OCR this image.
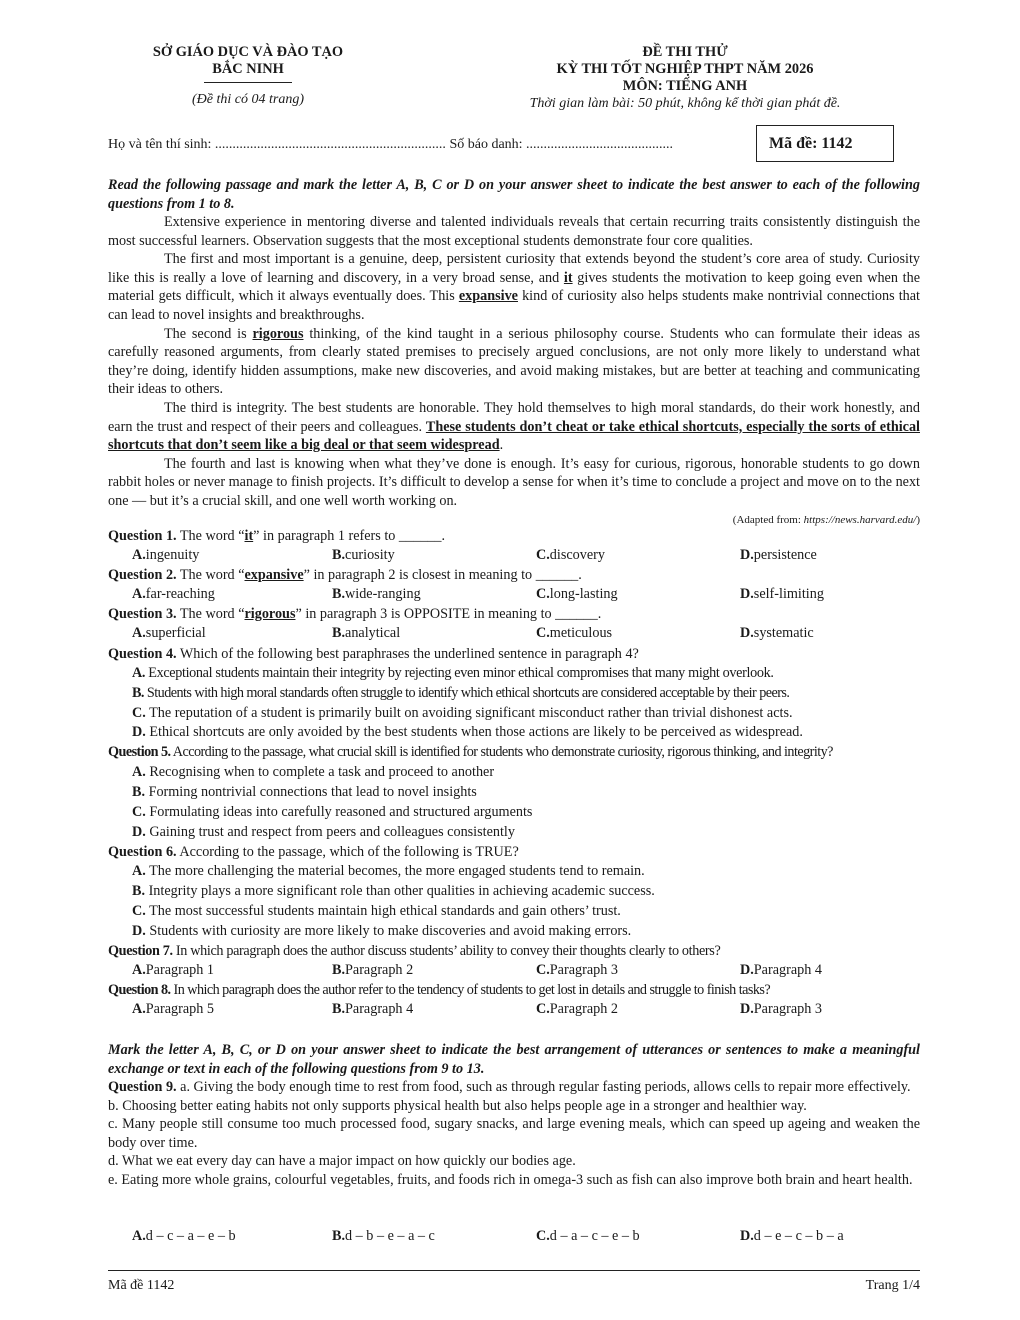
SỞ GIÁO DỤC VÀ ĐÀO TẠO
BẮC NINH
(Đề thi có 04 trang)
ĐỀ THI THỬ
KỲ THI TỐT NGHIỆP THPT NĂM 2026
MÔN: TIẾNG ANH
Thời gian làm bài: 50 phút, không kể thời gian phát đề.
Họ và tên thí sinh: .................................................................. Số báo danh: ..........................................	Mã đề: 1142
Read the following passage and mark the letter A, B, C or D on your answer sheet to indicate the best answer to each of the following questions from 1 to 8.

Extensive experience in mentoring diverse and talented individuals reveals that certain recurring traits consistently distinguish the most successful learners. Observation suggests that the most exceptional students demonstrate four core qualities.

The first and most important is a genuine, deep, persistent curiosity that extends beyond the student’s core area of study. Curiosity like this is really a love of learning and discovery, in a very broad sense, and it gives students the motivation to keep going even when the material gets difficult, which it always eventually does. This expansive kind of curiosity also helps students make nontrivial connections that can lead to novel insights and breakthroughs.

The second is rigorous thinking, of the kind taught in a serious philosophy course. Students who can formulate their ideas as carefully reasoned arguments, from clearly stated premises to precisely argued conclusions, are not only more likely to understand what they’re doing, identify hidden assumptions, make new discoveries, and avoid making mistakes, but are better at teaching and communicating their ideas to others.

The third is integrity. The best students are honorable. They hold themselves to high moral standards, do their work honestly, and earn the trust and respect of their peers and colleagues. These students don’t cheat or take ethical shortcuts, especially the sorts of ethical shortcuts that don’t seem like a big deal or that seem widespread.

The fourth and last is knowing when what they’ve done is enough. It’s easy for curious, rigorous, honorable students to go down rabbit holes or never manage to finish projects. It’s difficult to develop a sense for when it’s time to conclude a project and move on to the next one — but it’s a crucial skill, and one well worth working on.

(Adapted from: https://news.harvard.edu/)
Question 1. The word “it” in paragraph 1 refers to ______.
A. ingenuity	B. curiosity	C. discovery	D. persistence
Question 2. The word “expansive” in paragraph 2 is closest in meaning to ______.
A. far-reaching	B. wide-ranging	C. long-lasting	D. self-limiting
Question 3. The word “rigorous” in paragraph 3 is OPPOSITE in meaning to ______.
A. superficial	B. analytical	C. meticulous	D. systematic
Question 4. Which of the following best paraphrases the underlined sentence in paragraph 4?
A. Exceptional students maintain their integrity by rejecting even minor ethical compromises that many might overlook.
B. Students with high moral standards often struggle to identify which ethical shortcuts are considered acceptable by their peers.
C. The reputation of a student is primarily built on avoiding significant misconduct rather than trivial dishonest acts.
D. Ethical shortcuts are only avoided by the best students when those actions are likely to be perceived as widespread.
Question 5. According to the passage, what crucial skill is identified for students who demonstrate curiosity, rigorous thinking, and integrity?
A. Recognising when to complete a task and proceed to another
B. Forming nontrivial connections that lead to novel insights
C. Formulating ideas into carefully reasoned and structured arguments
D. Gaining trust and respect from peers and colleagues consistently
Question 6. According to the passage, which of the following is TRUE?
A. The more challenging the material becomes, the more engaged students tend to remain.
B. Integrity plays a more significant role than other qualities in achieving academic success.
C. The most successful students maintain high ethical standards and gain others’ trust.
D. Students with curiosity are more likely to make discoveries and avoid making errors.
Question 7. In which paragraph does the author discuss students’ ability to convey their thoughts clearly to others?
A. Paragraph 1	B. Paragraph 2	C. Paragraph 3	D. Paragraph 4
Question 8. In which paragraph does the author refer to the tendency of students to get lost in details and struggle to finish tasks?
A. Paragraph 5	B. Paragraph 4	C. Paragraph 2	D. Paragraph 3
Mark the letter A, B, C, or D on your answer sheet to indicate the best arrangement of utterances or sentences to make a meaningful exchange or text in each of the following questions from 9 to 13.
Question 9. a. Giving the body enough time to rest from food, such as through regular fasting periods, allows cells to repair more effectively.
b. Choosing better eating habits not only supports physical health but also helps people age in a stronger and healthier way.
c. Many people still consume too much processed food, sugary snacks, and large evening meals, which can speed up ageing and weaken the body over time.
d. What we eat every day can have a major impact on how quickly our bodies age.
e. Eating more whole grains, colourful vegetables, fruits, and foods rich in omega-3 such as fish can also improve both brain and heart health.
A. d – c – a – e – b	B. d – b – e – a – c	C. d – a – c – e – b	D. d – e – c – b – a
Mã đề 1142	Trang 1/4
